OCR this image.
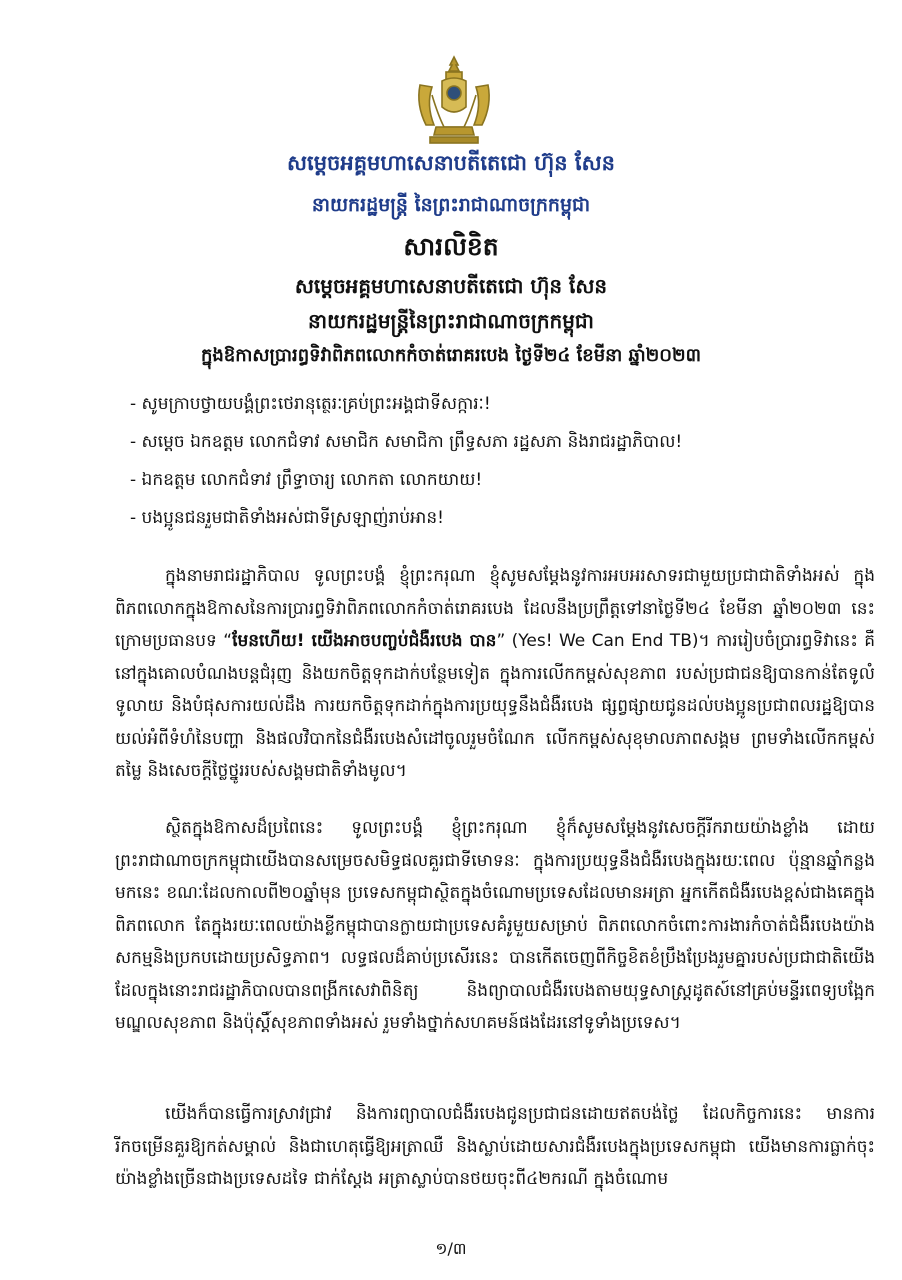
សម្ដេចអគ្គមហាសេនាបតីតេជោ ហ៊ុន សែន
នាយករដ្ឋមន្ត្រី នៃព្រះរាជាណាចក្រកម្ពុជា
សារលិខិត
សម្ដេចអគ្គមហាសេនាបតីតេជោ ហ៊ុន សែន
នាយករដ្ឋមន្ត្រីនៃព្រះរាជាណាចក្រកម្ពុជា
ក្នុងឱកាសប្រារព្ធទិវាពិភពលោកកំចាត់រោគរបេង ថ្ងៃទី២៤ ខែមីនា ឆ្នាំ២០២៣
- សូមក្រាបថ្វាយបង្គំព្រះថេរានុត្ថេរៈគ្រប់ព្រះអង្គជាទីសក្ការៈ!
- សម្ដេច ឯកឧត្ដម លោកជំទាវ សមាជិក សមាជិកា ព្រឹទ្ធសភា រដ្ឋសភា និងរាជរដ្ឋាភិបាល!
- ឯកឧត្ដម លោកជំទាវ ព្រឹទ្ធាចារ្យ លោកតា លោកយាយ!
- បងប្អូនជនរួមជាតិទាំងអស់ជាទីស្រឡាញ់រាប់អាន!

ក្នុងនាមរាជរដ្ឋាភិបាល ទូលព្រះបង្គំ ខ្ញុំព្រះករុណា ខ្ញុំសូមសម្ដែងនូវការអបអរសាទរជាមួយប្រជាជាតិទាំងអស់ ក្នុងពិភពលោកក្នុងឱកាសនៃការប្រារព្ធទិវាពិភពលោកកំចាត់រោគរបេង ដែលនឹងប្រព្រឹត្តទៅនាថ្ងៃទី២៤ ខែមីនា ឆ្នាំ២០២៣ នេះ ក្រោមប្រធានបទ “មែនហើយ! យើងអាចបញ្ចប់ជំងឺរបេង បាន” (Yes! We Can End TB)។ ការរៀបចំប្រារព្ធទិវានេះ គឺនៅក្នុងគោលបំណងបន្តជំរុញ និងយកចិត្តទុកដាក់បន្ថែមទៀត ក្នុងការលើកកម្ពស់សុខភាព របស់ប្រជាជនឱ្យបានកាន់តែទូលំទូលាយ និងបំផុសការយល់ដឹង ការយកចិត្តទុកដាក់ក្នុងការប្រយុទ្ធនឹងជំងឺរបេង ផ្សព្វផ្សាយជូនដល់បងប្អូនប្រជាពលរដ្ឋឱ្យបានយល់អំពីទំហំនៃបញ្ហា និងផលវិបាកនៃជំងឺរបេងសំដៅចូលរួមចំណែក លើកកម្ពស់សុខុមាលភាពសង្គម ព្រមទាំងលើកកម្ពស់តម្លៃ និងសេចក្ដីថ្លៃថ្នូររបស់សង្គមជាតិទាំងមូល។

ស្ថិតក្នុងឱកាសដ៏ប្រពៃនេះ ទូលព្រះបង្គំ ខ្ញុំព្រះករុណា ខ្ញុំក៏សូមសម្ដែងនូវសេចក្ដីរីករាយយ៉ាងខ្លាំង ដោយ ព្រះរាជាណាចក្រកម្ពុជាយើងបានសម្រេចសមិទ្ធផលគួរជាទីមោទនៈ ក្នុងការប្រយុទ្ធនឹងជំងឺរបេងក្នុងរយៈពេល ប៉ុន្មានឆ្នាំកន្លងមកនេះ ខណៈដែលកាលពី២០ឆ្នាំមុន ប្រទេសកម្ពុជាស្ថិតក្នុងចំណោមប្រទេសដែលមានអត្រា អ្នកកើតជំងឺរបេងខ្ពស់ជាងគេក្នុងពិភពលោក តែក្នុងរយៈពេលយ៉ាងខ្លីកម្ពុជាបានក្លាយជាប្រទេសគំរូមួយសម្រាប់ ពិភពលោកចំពោះការងារកំចាត់ជំងឺរបេងយ៉ាងសកម្មនិងប្រកបដោយប្រសិទ្ធភាព។ លទ្ធផលដ៏គាប់ប្រសើរនេះ បានកើតចេញពីកិច្ចខិតខំប្រឹងប្រែងរួមគ្នារបស់ប្រជាជាតិយើង ដែលក្នុងនោះរាជរដ្ឋាភិបាលបានពង្រីកសេវាពិនិត្យ និងព្យាបាលជំងឺរបេងតាមយុទ្ធសាស្ត្រដូតស៍នៅគ្រប់មន្ទីរពេទ្យបង្អែក មណ្ឌលសុខភាព និងប៉ុស្តិ៍សុខភាពទាំងអស់ រួមទាំងថ្នាក់សហគមន៍ផងដែរនៅទូទាំងប្រទេស។

យើងក៏បានធ្វើការស្រាវជ្រាវ និងការព្យាបាលជំងឺរបេងជូនប្រជាជនដោយឥតបង់ថ្លៃ ដែលកិច្ចការនេះ មានការរីកចម្រើនគួរឱ្យកត់សម្គាល់ និងជាហេតុធ្វើឱ្យអត្រាឈឺ និងស្លាប់ដោយសារជំងឺរបេងក្នុងប្រទេសកម្ពុជា យើងមានការធ្លាក់ចុះយ៉ាងខ្លាំងច្រើនជាងប្រទេសដទៃ ជាក់ស្តែង អត្រាស្លាប់បានថយចុះពី៤២ករណី ក្នុងចំណោម

១/៣
